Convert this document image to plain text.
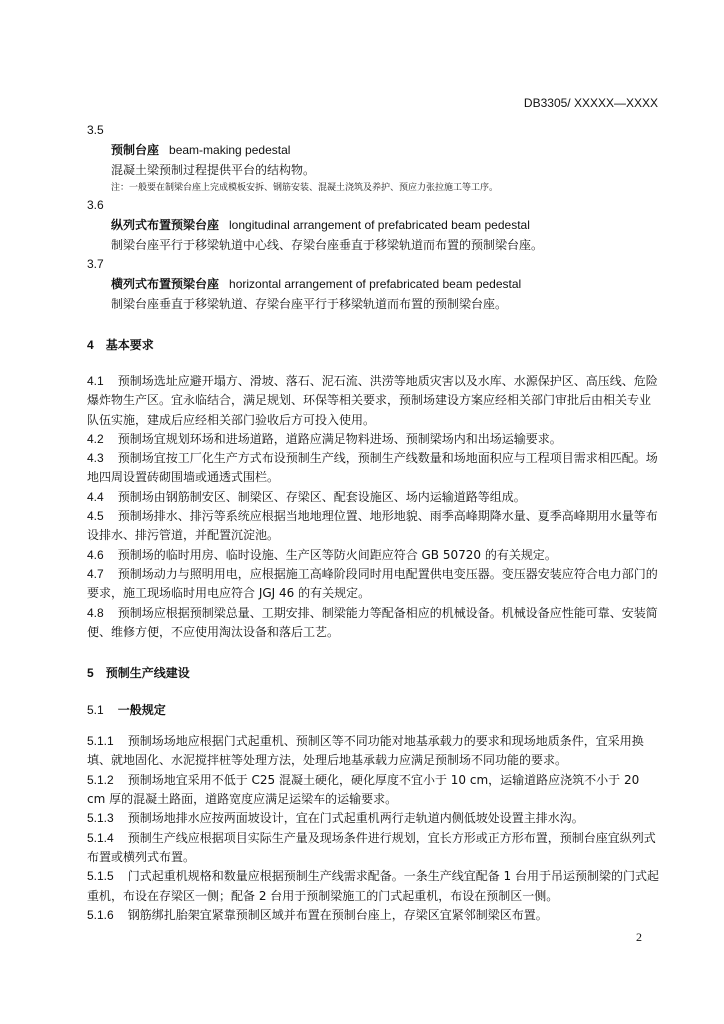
DB3305/ XXXXX—XXXX
3.5
预制台座 beam-making pedestal
混凝土梁预制过程提供平台的结构物。
注：一般要在制梁台座上完成模板安拆、钢筋安装、混凝土浇筑及养护、预应力张拉施工等工序。
3.6
纵列式布置预梁台座 longitudinal arrangement of prefabricated beam pedestal
制梁台座平行于移梁轨道中心线、存梁台座垂直于移梁轨道而布置的预制梁台座。
3.7
横列式布置预梁台座 horizontal arrangement of prefabricated beam pedestal
制梁台座垂直于移梁轨道、存梁台座平行于移梁轨道而布置的预制梁台座。
4 基本要求
4.1 预制场选址应避开塌方、滑坡、落石、泥石流、洪涝等地质灾害以及水库、水源保护区、高压线、危险爆炸物生产区。宜永临结合，满足规划、环保等相关要求，预制场建设方案应经相关部门审批后由相关专业队伍实施，建成后应经相关部门验收后方可投入使用。
4.2 预制场宜规划环场和进场道路，道路应满足物料进场、预制梁场内和出场运输要求。
4.3 预制场宜按工厂化生产方式布设预制生产线，预制生产线数量和场地面积应与工程项目需求相匹配。场地四周设置砖砌围墙或通透式围栏。
4.4 预制场由钢筋制安区、制梁区、存梁区、配套设施区、场内运输道路等组成。
4.5 预制场排水、排污等系统应根据当地地理位置、地形地貌、雨季高峰期降水量、夏季高峰期用水量等布设排水、排污管道，并配置沉淀池。
4.6 预制场的临时用房、临时设施、生产区等防火间距应符合 GB 50720 的有关规定。
4.7 预制场动力与照明用电，应根据施工高峰阶段同时用电配置供电变压器。变压器安装应符合电力部门的要求，施工现场临时用电应符合 JGJ 46 的有关规定。
4.8 预制场应根据预制梁总量、工期安排、制梁能力等配备相应的机械设备。机械设备应性能可靠、安装简便、维修方便，不应使用淘汰设备和落后工艺。
5 预制生产线建设
5.1 一般规定
5.1.1 预制场场地应根据门式起重机、预制区等不同功能对地基承载力的要求和现场地质条件，宜采用换填、就地固化、水泥搅拌桩等处理方法，处理后地基承载力应满足预制场不同功能的要求。
5.1.2 预制场地宜采用不低于 C25 混凝土硬化，硬化厚度不宜小于 10 cm，运输道路应浇筑不小于 20 cm 厚的混凝土路面，道路宽度应满足运梁车的运输要求。
5.1.3 预制场地排水应按两面坡设计，宜在门式起重机两行走轨道内侧低坡处设置主排水沟。
5.1.4 预制生产线应根据项目实际生产量及现场条件进行规划，宜长方形或正方形布置，预制台座宜纵列式布置或横列式布置。
5.1.5 门式起重机规格和数量应根据预制生产线需求配备。一条生产线宜配备 1 台用于吊运预制梁的门式起重机，布设在存梁区一侧；配备 2 台用于预制梁施工的门式起重机，布设在预制区一侧。
5.1.6 钢筋绑扎胎架宜紧靠预制区域并布置在预制台座上，存梁区宜紧邻制梁区布置。
2
